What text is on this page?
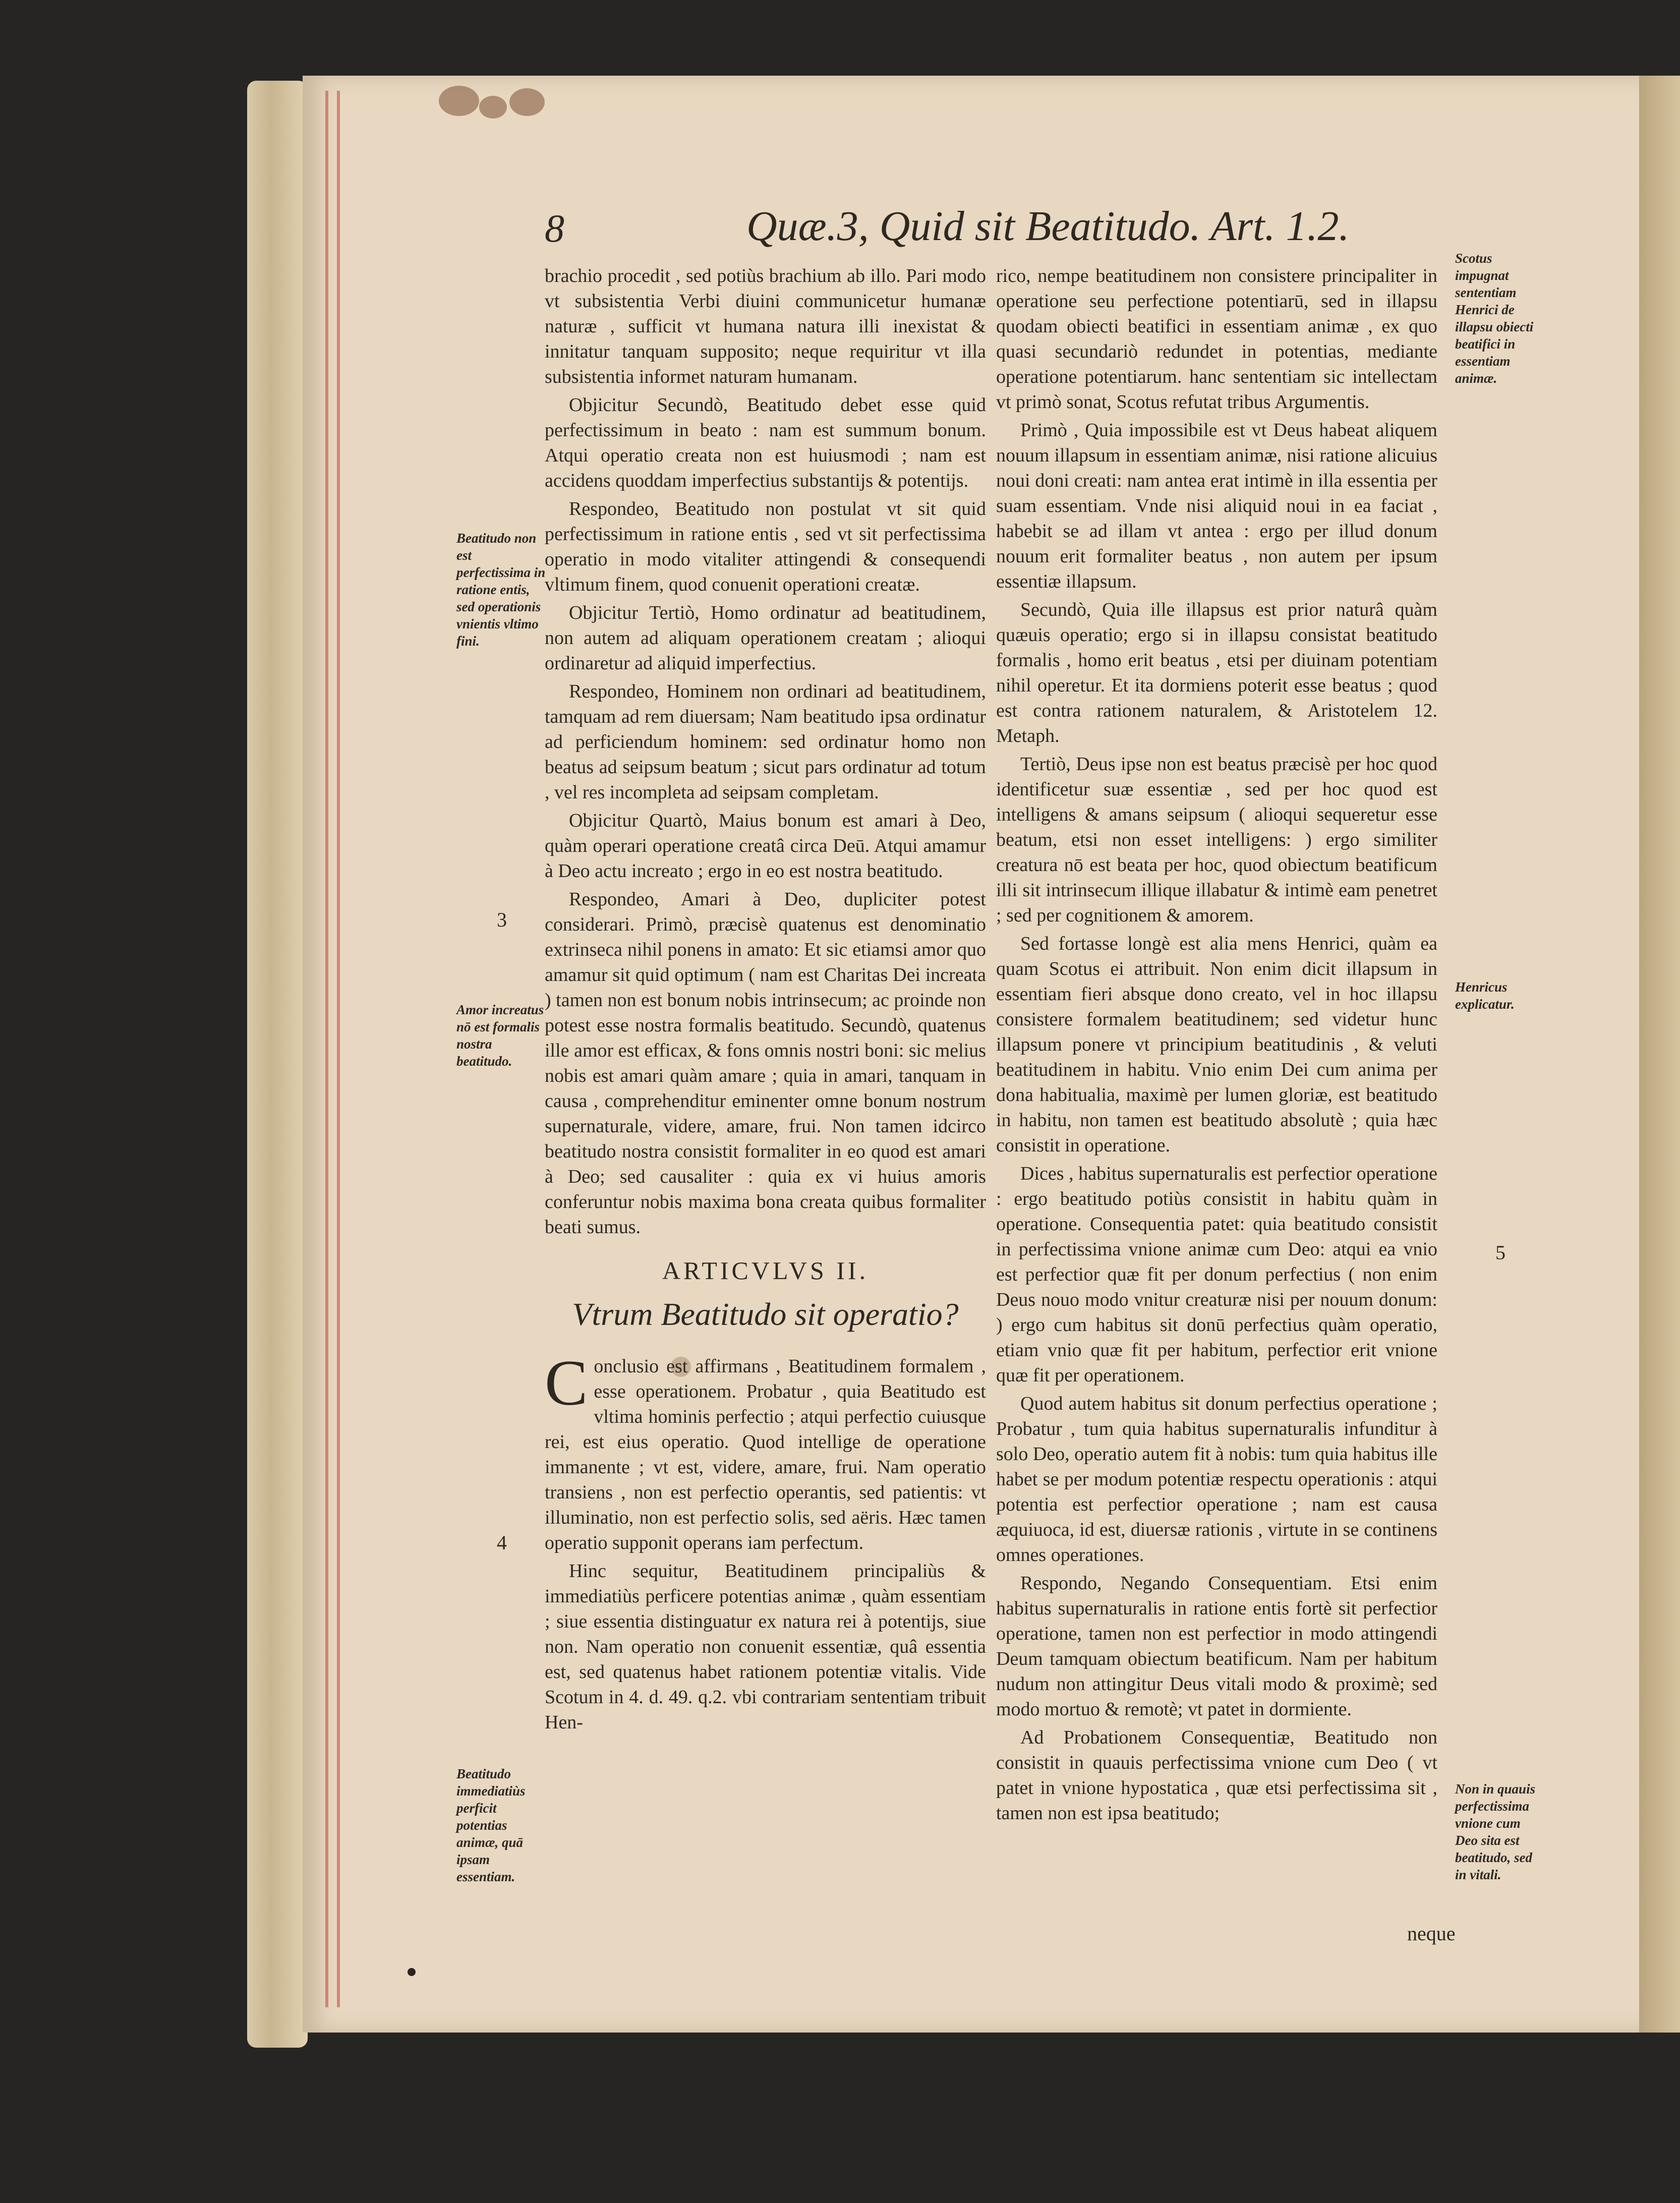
8	Quæ.3, Quid sit Beatitudo. Art. 1.2.

brachio procedit , sed potiùs brachium ab illo. Pari modo vt subsistentia Verbi diuini communicetur humanæ naturæ , sufficit vt humana natura illi inexistat & innitatur tanquam supposito; neque requiritur vt illa subsistentia informet naturam humanam.

Objicitur Secundò, Beatitudo debet esse quid perfectissimum in beato : nam est summum bonum. Atqui operatio creata non est huiusmodi ; nam est accidens quoddam imperfectius substantijs & potentijs.

Respondeo, Beatitudo non postulat vt sit quid perfectissimum in ratione entis , sed vt sit perfectissima operatio in modo vitaliter attingendi & consequendi vltimum finem, quod conuenit operationi creatæ.

Objicitur Tertiò, Homo ordinatur ad beatitudinem, non autem ad aliquam operationem creatam ; alioqui ordinaretur ad aliquid imperfectius.

Respondeo, Hominem non ordinari ad beatitudinem, tamquam ad rem diuersam; Nam beatitudo ipsa ordinatur ad perficiendum hominem: sed ordinatur homo non beatus ad seipsum beatum ; sicut pars ordinatur ad totum , vel res incompleta ad seipsam completam.

Objicitur Quartò, Maius bonum est amari à Deo, quàm operari operatione creatâ circa Deū. Atqui amamur à Deo actu increato ; ergo in eo est nostra beatitudo.

Respondeo, Amari à Deo, dupliciter potest considerari. Primò, præcisè quatenus est denominatio extrinseca nihil ponens in amato: Et sic etiamsi amor quo amamur sit quid optimum ( nam est Charitas Dei increata ) tamen non est bonum nobis intrinsecum; ac proinde non potest esse nostra formalis beatitudo. Secundò, quatenus ille amor est efficax, & fons omnis nostri boni: sic melius nobis est amari quàm amare ; quia in amari, tanquam in causa , comprehenditur eminenter omne bonum nostrum supernaturale, videre, amare, frui. Non tamen idcirco beatitudo nostra consistit formaliter in eo quod est amari à Deo; sed causaliter : quia ex vi huius amoris conferuntur nobis maxima bona creata quibus formaliter beati sumus.

ARTICVLVS II.
Vtrum Beatitudo sit operatio?

Conclusio est affirmans , Beatitudinem formalem , esse operationem. Probatur , quia Beatitudo est vltima hominis perfectio ; atqui perfectio cuiusque rei, est eius operatio. Quod intellige de operatione immanente ; vt est, videre, amare, frui. Nam operatio transiens , non est perfectio operantis, sed patientis: vt illuminatio, non est perfectio solis, sed aëris. Hæc tamen operatio supponit operans iam perfectum.

Hinc sequitur, Beatitudinem principaliùs & immediatiùs perficere potentias animæ , quàm essentiam ; siue essentia distinguatur ex natura rei à potentijs, siue non. Nam operatio non conuenit essentiæ, quâ essentia est, sed quatenus habet rationem potentiæ vitalis. Vide Scotum in 4. d. 49. q.2. vbi contrariam sententiam tribuit Hen-

rico, nempe beatitudinem non consistere principaliter in operatione seu perfectione potentiarū, sed in illapsu quodam obiecti beatifici in essentiam animæ , ex quo quasi secundariò redundet in potentias, mediante operatione potentiarum. hanc sententiam sic intellectam vt primò sonat, Scotus refutat tribus Argumentis.

Primò , Quia impossibile est vt Deus habeat aliquem nouum illapsum in essentiam animæ, nisi ratione alicuius noui doni creati: nam antea erat intimè in illa essentia per suam essentiam. Vnde nisi aliquid noui in ea faciat , habebit se ad illam vt antea : ergo per illud donum nouum erit formaliter beatus , non autem per ipsum essentiæ illapsum.

Secundò, Quia ille illapsus est prior naturâ quàm quæuis operatio; ergo si in illapsu consistat beatitudo formalis , homo erit beatus , etsi per diuinam potentiam nihil operetur. Et ita dormiens poterit esse beatus ; quod est contra rationem naturalem, & Aristotelem 12. Metaph.

Tertiò, Deus ipse non est beatus præcisè per hoc quod identificetur suæ essentiæ , sed per hoc quod est intelligens & amans seipsum ( alioqui sequeretur esse beatum, etsi non esset intelligens: ) ergo similiter creatura nō est beata per hoc, quod obiectum beatificum illi sit intrinsecum illique illabatur & intimè eam penetret ; sed per cognitionem & amorem.

Sed fortasse longè est alia mens Henrici, quàm ea quam Scotus ei attribuit. Non enim dicit illapsum in essentiam fieri absque dono creato, vel in hoc illapsu consistere formalem beatitudinem; sed videtur hunc illapsum ponere vt principium beatitudinis , & veluti beatitudinem in habitu. Vnio enim Dei cum anima per dona habitualia, maximè per lumen gloriæ, est beatitudo in habitu, non tamen est beatitudo absolutè ; quia hæc consistit in operatione.

Dices , habitus supernaturalis est perfectior operatione : ergo beatitudo potiùs consistit in habitu quàm in operatione. Consequentia patet: quia beatitudo consistit in perfectissima vnione animæ cum Deo: atqui ea vnio est perfectior quæ fit per donum perfectius ( non enim Deus nouo modo vnitur creaturæ nisi per nouum donum: ) ergo cum habitus sit donū perfectius quàm operatio, etiam vnio quæ fit per habitum, perfectior erit vnione quæ fit per operationem.

Quod autem habitus sit donum perfectius operatione ; Probatur , tum quia habitus supernaturalis infunditur à solo Deo, operatio autem fit à nobis: tum quia habitus ille habet se per modum potentiæ respectu operationis : atqui potentia est perfectior operatione ; nam est causa æquiuoca, id est, diuersæ rationis , virtute in se continens omnes operationes.

Respondo, Negando Consequentiam. Etsi enim habitus supernaturalis in ratione entis fortè sit perfectior operatione, tamen non est perfectior in modo attingendi Deum tamquam obiectum beatificum. Nam per habitum nudum non attingitur Deus vitali modo & proximè; sed modo mortuo & remotè; vt patet in dormiente.

Ad Probationem Consequentiæ, Beatitudo non consistit in quauis perfectissima vnione cum Deo ( vt patet in vnione hypostatica , quæ etsi perfectissima sit , tamen non est ipsa beatitudo;

neque
Beatitudo non est perfectissima in ratione entis, sed operationis vnientis vltimo fini.
Amor increatus nō est formalis nostra beatitudo.
Beatitudo immediatiùs perficit potentias animæ, quā ipsam essentiam.
Scotus impugnat sententiam Henrici de illapsu obiecti beatifici in essentiam animæ.
Henricus explicatur.
Non in quauis perfectissima vnione cum Deo sita est beatitudo, sed in vitali.
3
4
5
